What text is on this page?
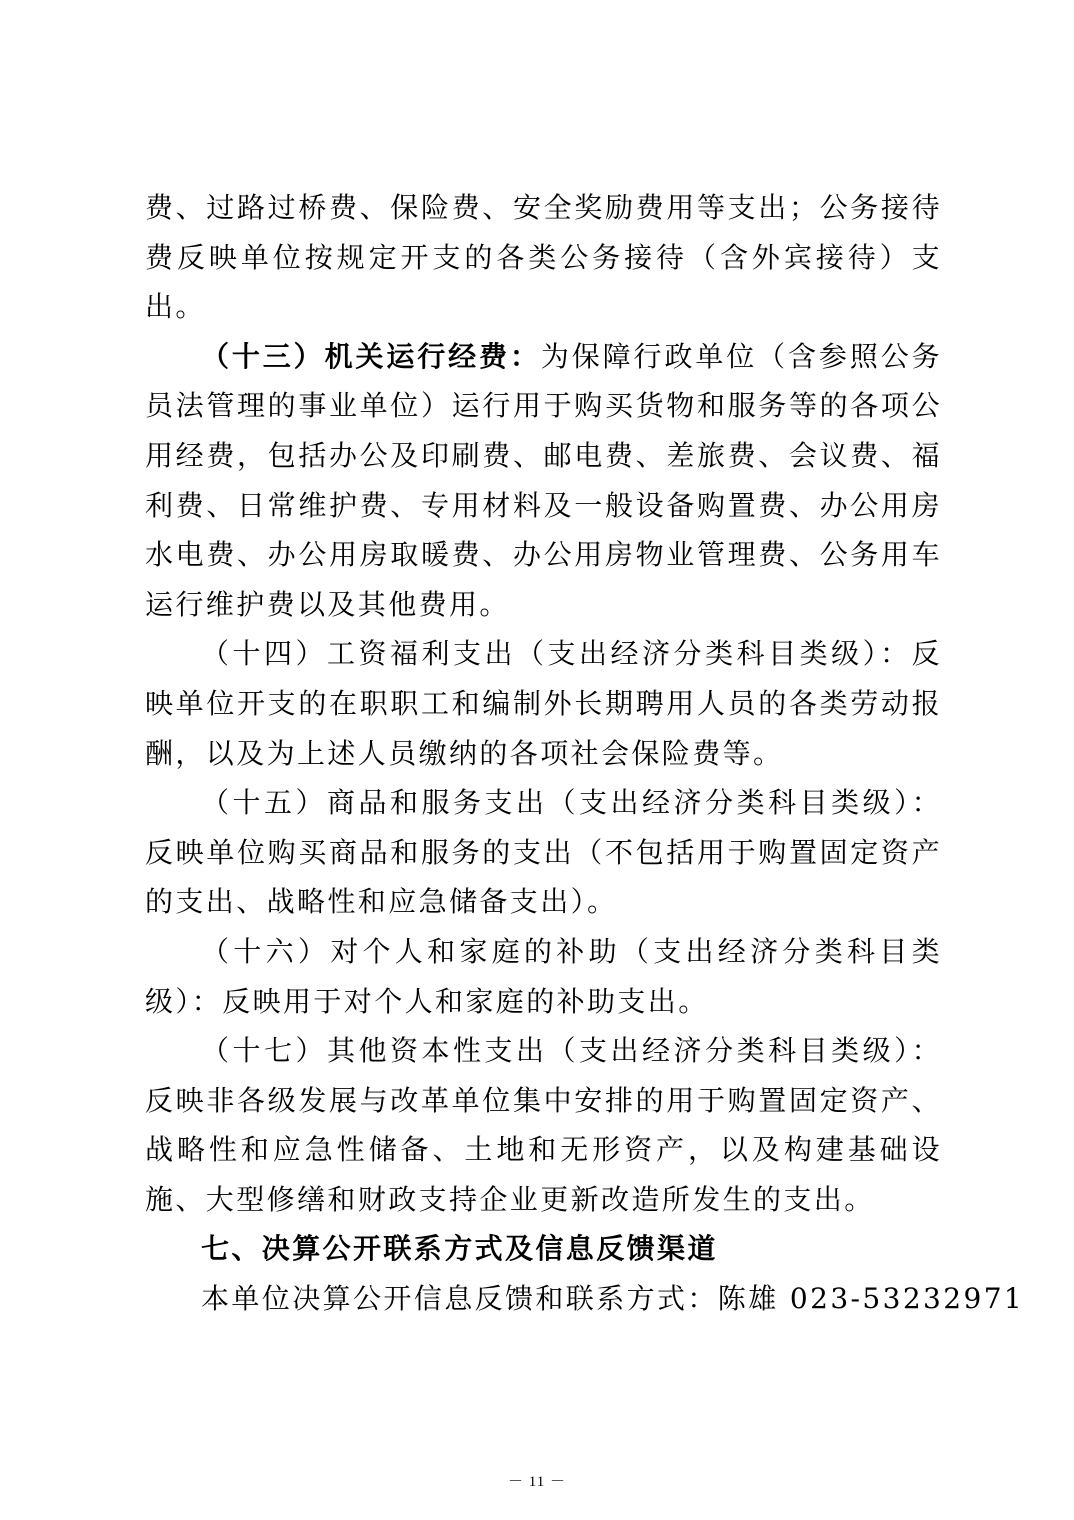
费、过路过桥费、保险费、安全奖励费用等支出；公务接待费反映单位按规定开支的各类公务接待（含外宾接待）支出。

（十三）机关运行经费：为保障行政单位（含参照公务员法管理的事业单位）运行用于购买货物和服务等的各项公用经费，包括办公及印刷费、邮电费、差旅费、会议费、福利费、日常维护费、专用材料及一般设备购置费、办公用房水电费、办公用房取暖费、办公用房物业管理费、公务用车运行维护费以及其他费用。

（十四）工资福利支出（支出经济分类科目类级）：反映单位开支的在职职工和编制外长期聘用人员的各类劳动报酬，以及为上述人员缴纳的各项社会保险费等。

（十五）商品和服务支出（支出经济分类科目类级）：反映单位购买商品和服务的支出（不包括用于购置固定资产的支出、战略性和应急储备支出）。

（十六）对个人和家庭的补助（支出经济分类科目类级）：反映用于对个人和家庭的补助支出。

（十七）其他资本性支出（支出经济分类科目类级）：反映非各级发展与改革单位集中安排的用于购置固定资产、战略性和应急性储备、土地和无形资产，以及构建基础设施、大型修缮和财政支持企业更新改造所发生的支出。

七、决算公开联系方式及信息反馈渠道

本单位决算公开信息反馈和联系方式：陈雄 023-53232971

－ 11 －
